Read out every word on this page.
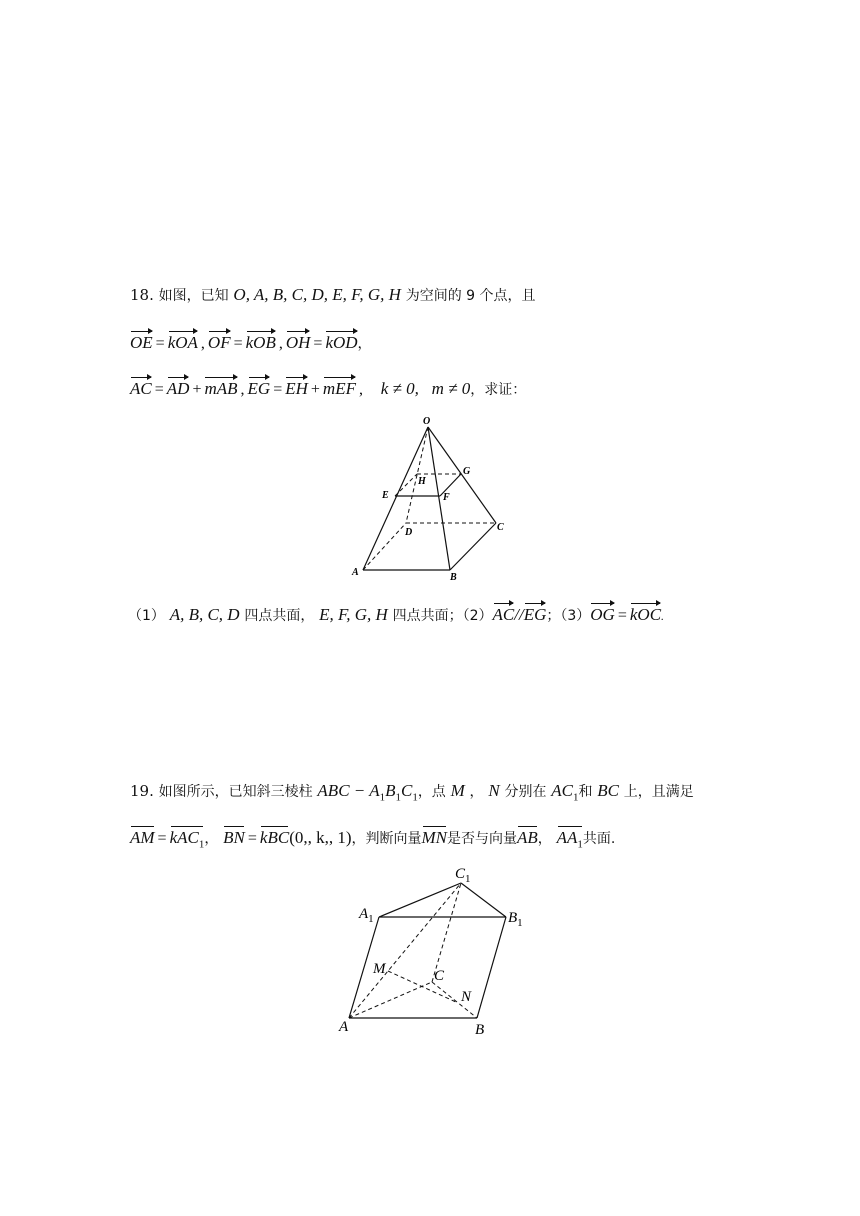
18. 如图，已知 O, A, B, C, D, E, F, G, H 为空间的 9 个点，且
OE = kOA , OF = kOB , OH = kOD，
AC = AD + mAB , EG = EH + mEF , k ≠ 0, m ≠ 0，求证：
O
G
H
E	F
D	C
A	B
（1） A, B, C, D 四点共面， E, F, G, H 四点共面；（2）AC//EG；（3）OG = kOC.
19. 如图所示，已知斜三棱柱 ABC − $A_1B_1C_1$，点 M ， N 分别在 $AC_1$和 BC 上，且满足
AM = kAC$_1$， BN = kBC(0,, k,, 1)，判断向量MN是否与向量AB， $AA_1$共面.
$C_1$
$A_1$	$B_1$
M	C
N
A	B
